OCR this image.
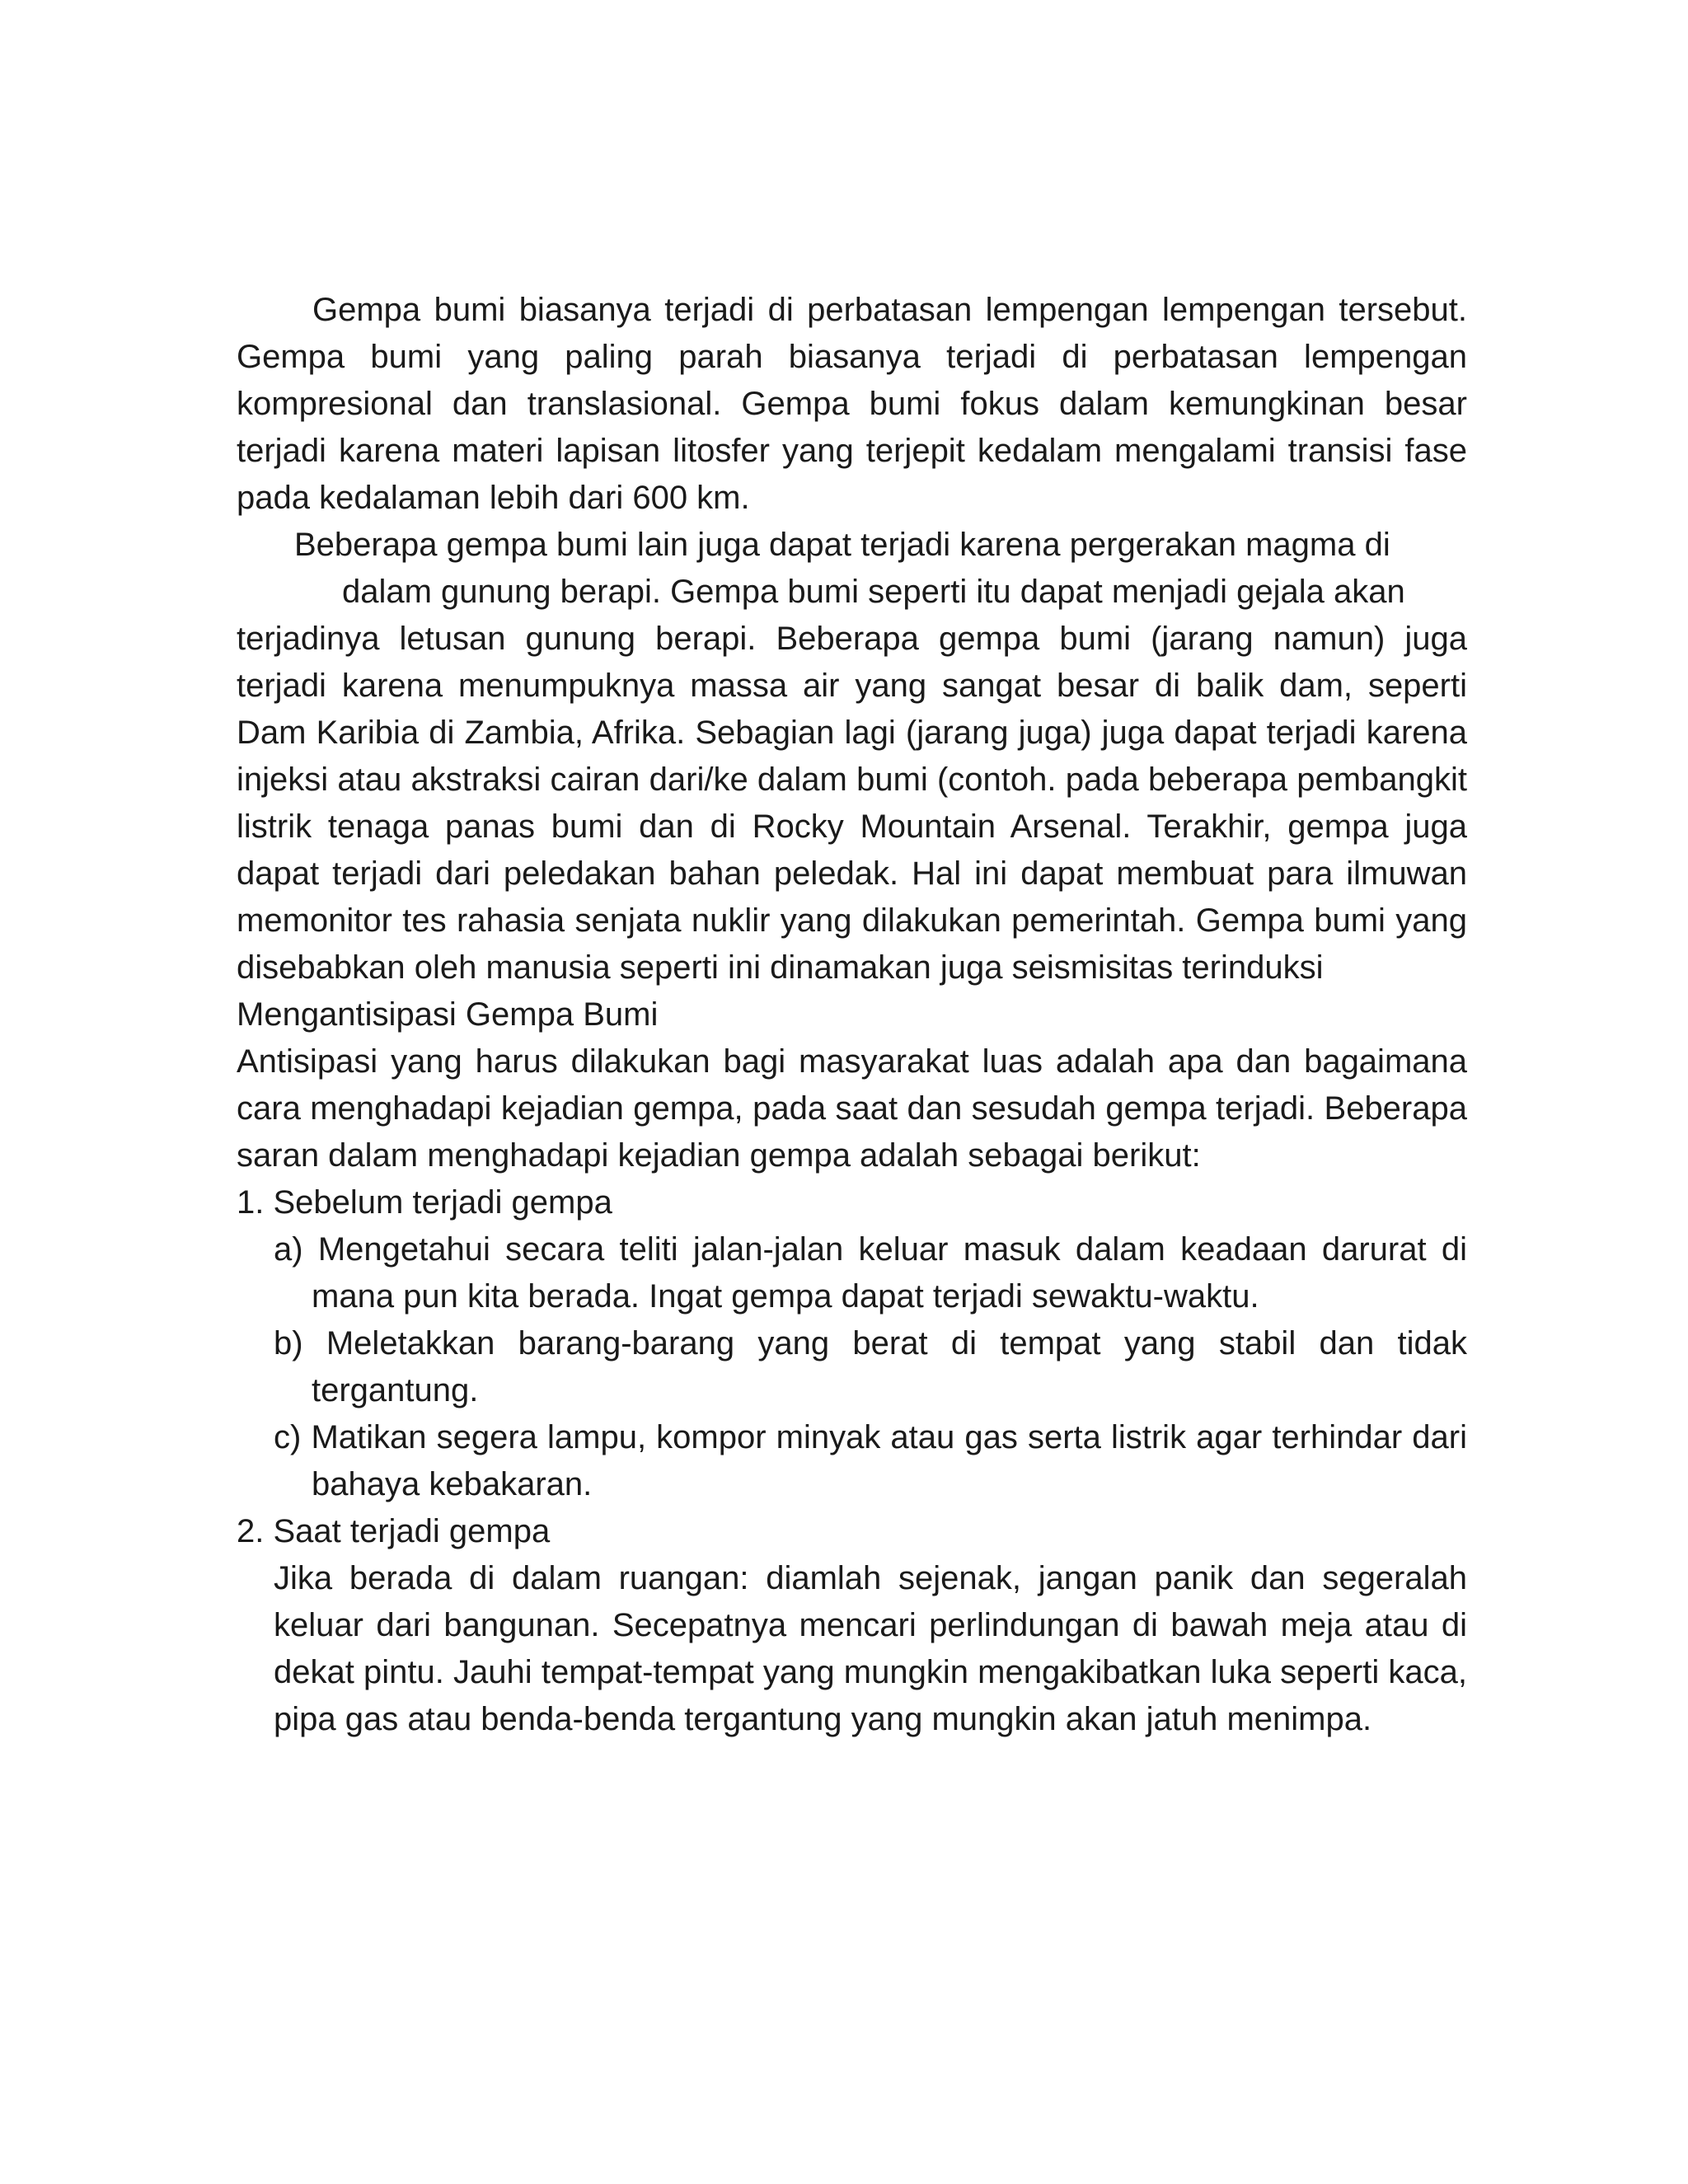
Gempa bumi biasanya terjadi di perbatasan lempengan lempengan tersebut. Gempa bumi yang paling parah biasanya terjadi di perbatasan lempengan kompresional dan translasional. Gempa bumi fokus dalam kemungkinan besar terjadi karena materi lapisan litosfer yang terjepit kedalam mengalami transisi fase pada kedalaman lebih dari 600 km.

Beberapa gempa bumi lain juga dapat terjadi karena pergerakan magma di
dalam gunung berapi. Gempa bumi seperti itu dapat menjadi gejala akan
terjadinya letusan gunung berapi. Beberapa gempa bumi (jarang namun) juga terjadi karena menumpuknya massa air yang sangat besar di balik dam, seperti Dam Karibia di Zambia, Afrika. Sebagian lagi (jarang juga) juga dapat terjadi karena injeksi atau akstraksi cairan dari/ke dalam bumi (contoh. pada beberapa pembangkit listrik tenaga panas bumi dan di Rocky Mountain Arsenal. Terakhir, gempa juga dapat terjadi dari peledakan bahan peledak. Hal ini dapat membuat para ilmuwan memonitor tes rahasia senjata nuklir yang dilakukan pemerintah. Gempa bumi yang disebabkan oleh manusia seperti ini dinamakan juga seismisitas terinduksi

Mengantisipasi Gempa Bumi

Antisipasi yang harus dilakukan bagi masyarakat luas adalah apa dan bagaimana cara menghadapi kejadian gempa, pada saat dan sesudah gempa terjadi. Beberapa saran dalam menghadapi kejadian gempa adalah sebagai berikut:

1. Sebelum terjadi gempa
a) Mengetahui secara teliti jalan-jalan keluar masuk dalam keadaan darurat di mana pun kita berada. Ingat gempa dapat terjadi sewaktu-waktu.
b) Meletakkan barang-barang yang berat di tempat yang stabil dan tidak tergantung.
c) Matikan segera lampu, kompor minyak atau gas serta listrik agar terhindar dari bahaya kebakaran.
2. Saat terjadi gempa

Jika berada di dalam ruangan: diamlah sejenak, jangan panik dan segeralah keluar dari bangunan. Secepatnya mencari perlindungan di bawah meja atau di dekat pintu. Jauhi tempat-tempat yang mungkin mengakibatkan luka seperti kaca, pipa gas atau benda-benda tergantung yang mungkin akan jatuh menimpa.
